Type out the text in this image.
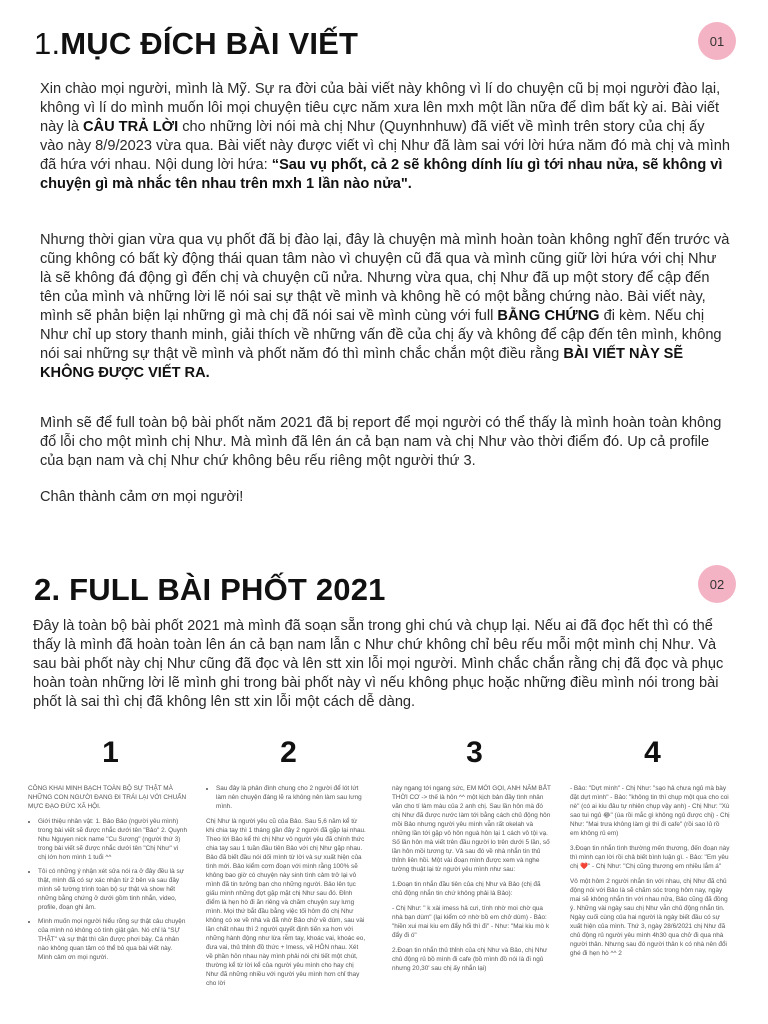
1.MỤC ĐÍCH BÀI VIẾT	01

Xin chào mọi người, mình là Mỹ. Sự ra đời của bài viết này không vì lí do chuyện cũ bị mọi người đào lại, không vì lí do mình muốn lôi mọi chuyện tiêu cực năm xưa lên mxh một lần nữa để dìm bất kỳ ai. Bài viết này là CÂU TRẢ LỜI cho những lời nói mà chị Như (Quynhnhuw) đã viết về mình trên story của chị ấy vào này 8/9/2023 vừa qua. Bài viết này được viết vì chị Như đã làm sai với lời hứa năm đó mà chị và mình đã hứa với nhau. Nội dung lời hứa: “Sau vụ phốt, cả 2 sẽ không dính líu gì tới nhau nửa, sẽ không vì chuyện gì mà nhắc tên nhau trên mxh 1 lần nào nửa".

Nhưng thời gian vừa qua vụ phốt đã bị đào lại, đây là chuyện mà mình hoàn toàn không nghĩ đến trước và cũng không có bất kỳ động thái quan tâm nào vì chuyện cũ đã qua và mình cũng giữ lời hứa với chị Như là sẽ không đá động gì đến chị và chuyện cũ nửa. Nhưng vừa qua, chị Như đã up một story để cập đến tên của mình và những lời lẽ nói sai sự thật về mình và không hề có một bằng chứng nào. Bài viết này, mình sẽ phản biện lại những gì mà chị đã nói sai về mình cùng với full BẰNG CHỨNG đi kèm. Nếu chị Như chỉ up story thanh minh, giải thích về những vấn đề của chị ấy và không để cập đến tên mình, không nói sai những sự thật về mình và phốt năm đó thì mình chắc chắn một điều rằng BÀI VIẾT NÀY SẼ KHÔNG ĐƯỢC VIẾT RA.

Mình sẽ để full toàn bộ bài phốt năm 2021 đã bị report để mọi người có thể thấy là mình hoàn toàn không đổ lỗi cho một mình chị Như. Mà mình đã lên án cả bạn nam và chị Như vào thời điểm đó. Up cả profile của bạn nam và chị Như chứ không bêu rếu riêng một người thứ 3.

Chân thành cảm ơn mọi người!

2. FULL BÀI PHỐT 2021	02

Đây là toàn bộ bài phốt 2021 mà mình đã soạn sẵn trong ghi chú và chụp lại. Nếu ai đã đọc hết thì có thể thấy là mình đã hoàn toàn lên án cả bạn nam lẫn c Như chứ không chỉ bêu rếu mỗi một mình chị Như. Và sau bài phốt này chị Như cũng đã đọc và lên stt xin lỗi mọi người. Mình chắc chắn rằng chị đã đọc và phục hoàn toàn những lời lẽ mình ghi trong bài phốt này vì nếu không phục hoặc những điều mình nói trong bài phốt là sai thì chị đã không lên stt xin lỗi một cách dễ dàng.

1

CÔNG KHAI MINH BẠCH TOÀN BỘ SỰ THẬT MÀ NHỮNG CON NGƯỜI ĐANG ĐI TRÁI LẠI VỚI CHUẨN MỰC ĐẠO ĐỨC XÃ HỘI.

• Giới thiệu nhân vật: 1. Bảo Bảo (người yêu mình) trong bài viết sẽ được nhắc dưới tên "Bảo" 2. Quynh Nhu Nguyen nick name "Cu Sương" (người thứ 3) trong bài viết sẽ được nhắc dưới tên "Chị Như" vì chị lớn hơn mình 1 tuổi ^^
• Tôi có những ý nhận xét sửa nói ra ở đây đều là sự thật, mình đã có sự xác nhận từ 2 bên và sau đây mình sẽ tường trình toàn bộ sự thật và show hết những bằng chứng ở dưới gồm tinh nhắn, video, profile, đoạn ghi âm.
• Mình muốn mọi người hiểu rõng sự thật câu chuyện của mình nó không có tính giật gân. Nó chỉ là "SỰ THẬT" và sự thật thì cần được phơi bày. Cá nhân nào không quan tâm có thể bỏ qua bài viết này. Mình cảm ơn mọi người.
2
• Sau đây là phân đính chung cho 2 người để lót lứt làm nên chuyện đáng lẽ ra không nên làm sau lưng mình.

Chị Như là người yêu cũ của Bảo. Sau 5,6 năm kể từ khi chia tay thì 1 tháng gần đây 2 người đã gặp lại nhau. Theo lời Bảo kể thì chị Như vô người yêu đã chính thức chia tay sau 1 tuần đầu tiên Bảo với chị Như gặp nhau. Bảo đã biết đầu nói dối mình từ lời và sự xuất hiện của tình mới. Bảo kiểm cơm đoạn với mình rằng 100% sẽ không bao giờ có chuyện này sinh tình cảm trở lại vô mình đã tin tưởng bạn cho những người. Bảo lên tục giấu mình những đợt gặp mặt chị Như sau đó. Đỉnh điểm là hẹn hò đi ăn riêng và chăm chuyện suy lưng mình. Mọi thứ bắt đầu bằng việc tối hôm đó chị Như không có xe về nhà và đã nhờ Bảo chở về dùm, sau vài lần chất nhau thì 2 người quyết định tiến xa hơn với những hành động như lừa rễm tay, khoác vai, khoác eo, đưa vai, thủ thỉnh đồ thức + lmess, vẽ HÔN nhau. Xét về phần hỏn nhau này mình phải nói chi tiết một chút, thường kể từ lời kể của người yêu mình cho hay chị Như đã những nhiều với người yêu mình hơn chỉ thay cho lời

3

này ngang tới ngang sức, EM MỚI GỌI, ANH NĂM BẮT THỜI CƠ -> thế là hôn ^^ một kịch bản đầy tình nhân văn cho tí làm màu của 2 anh chị. Sau lần hôn mà đó chị Như đã được nước làm tới bằng cách chủ động hôn mồi Bảo nhưng người yêu mình vẫn rất okelah và những lần tới gặp vô hôn nguà hôn lại 1 cách vô tội vạ. Số lần hôn mà viết trên đầu người lo trên dưới 5 lần, số lần hôn mồi tương tự. Vả sau đó về nhà nhắn tin thủ thỉnh liên hồi. Một vài đoạn mình được xem và nghe tường thuật lại từ người yêu mình như sau:

1.Đoạn tin nhắn đầu tiên của chị Như và Bảo (chị đã chủ động nhắn tin chứ không phải là Bảo):

- Chị Như: " k xài imess hả cưi, tính nhờ moi chờ qua nhà bạn dùm" (lại kiểm cớ nhờ bồ em chở dùm) - Bảo: "hiền xui mai kiu em đẩy hổi thì đi" - Như: "Mai kiu mò k đẩy đi ó"

2.Đoạn tin nhắn thủ thỉnh của chị Như và Bảo, chị Như chủ động rủ bồ mình đi cafe (bồ mình đồ nói là đi ngủ nhưng 20,30' sau chị ấy nhắn lại)

4

- Bảo: "Dựt mình" - Chị Như: "sạo hả chưa ngủ mà bày đặt dựt mình" - Bảo: "không tin thì chụp một qua cho coi nè" (có ai kiu đâu tự nhiên chụp vậy anh) - Chị Như: "Xù sao tui ngủ 😂" (úa rồi mắc gì không ngủ được chị) - Chị Như: "Mai trưa không làm gì thì đi cafe" (rồi sao lủ rồ em không rủ em)

3.Đoạn tin nhắn tình thường mến thương, đến đoạn này thì mình cạn lời rồi chả biết bình luận gì. - Bảo: "Em yêu chị ❤️" - Chị Như: "Chị cũng thương em nhiều lắm á"

Vô một hôm 2 người nhắn tin với nhau, chị Như đã chủ động nói với Bảo là sẽ chăm sóc trong hôm nay, ngày mai sẽ không nhắn tin với nhau nửa, Bảo cũng đã đồng ý. Những vài ngày sau chị Như vẫn chủ động nhắn tin. Ngày cuối cùng của hai người là ngày biết đầu có sự xuất hiện của mình. Thứ 3, ngày 28/6/2021 chị Như đã chủ động rủ người yêu mình 4h30 qua chở đi qua nhà người thân. Nhưng sau đó người thân k có nhà nên đổi ghé đi hẹn hò ^^ 2
